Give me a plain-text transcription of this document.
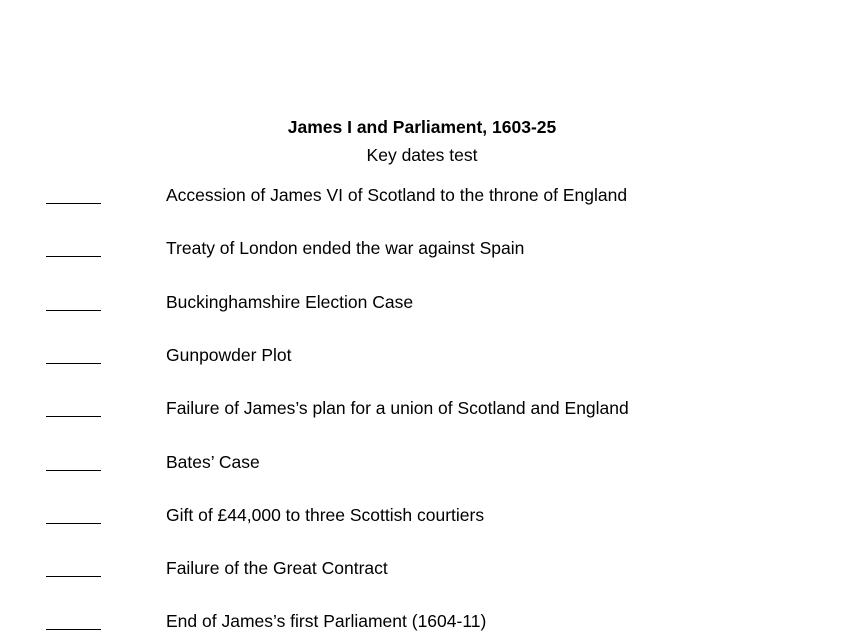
James I and Parliament, 1603-25
Key dates test
Accession of James VI of Scotland to the throne of England
Treaty of London ended the war against Spain
Buckinghamshire Election Case
Gunpowder Plot
Failure of James’s plan for a union of Scotland and England
Bates’ Case
Gift of £44,000 to three Scottish courtiers
Failure of the Great Contract
End of James’s first Parliament (1604-11)
